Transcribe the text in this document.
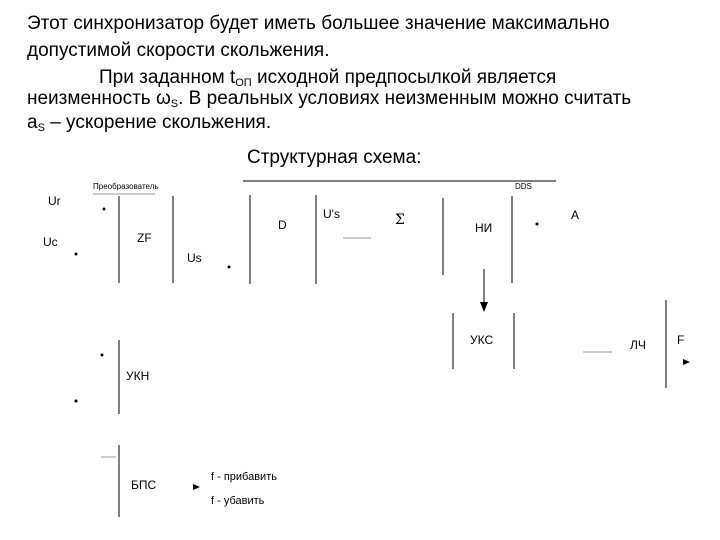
Этот синхронизатор будет иметь большее значение максимально
допустимой скорости скольжения.
При заданном $t_{ОП}$ исходной предпосылкой является
неизменность $\omega_S$. В реальных условиях неизменным можно считать
$a_S$ – ускорение скольжения.
Структурная схема:
Преобразователь
Ur
Uc	ZF
Us
D
U's	Σ	НИ
DDS
A
УКС	ЛЧ	F
УКН
БПС
f - прибавить
f - убавить
